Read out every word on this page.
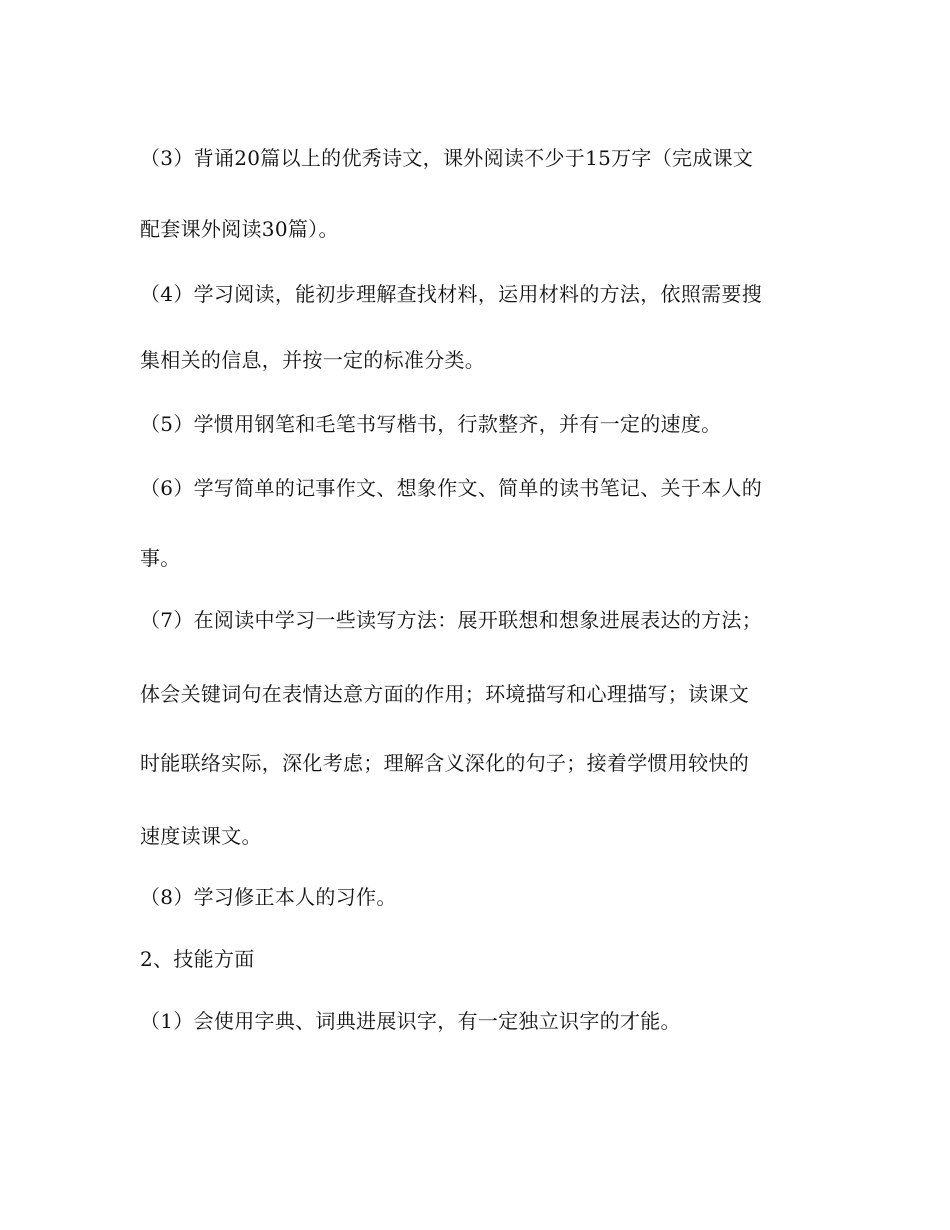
（3）背诵20篇以上的优秀诗文，课外阅读不少于15万字（完成课文
配套课外阅读30篇）。
（4）学习阅读，能初步理解查找材料，运用材料的方法，依照需要搜
集相关的信息，并按一定的标准分类。
（5）学惯用钢笔和毛笔书写楷书，行款整齐，并有一定的速度。
（6）学写简单的记事作文、想象作文、简单的读书笔记、关于本人的
事。
（7）在阅读中学习一些读写方法：展开联想和想象进展表达的方法；
体会关键词句在表情达意方面的作用；环境描写和心理描写；读课文
时能联络实际，深化考虑；理解含义深化的句子；接着学惯用较快的
速度读课文。
（8）学习修正本人的习作。
2、技能方面
（1）会使用字典、词典进展识字，有一定独立识字的才能。
